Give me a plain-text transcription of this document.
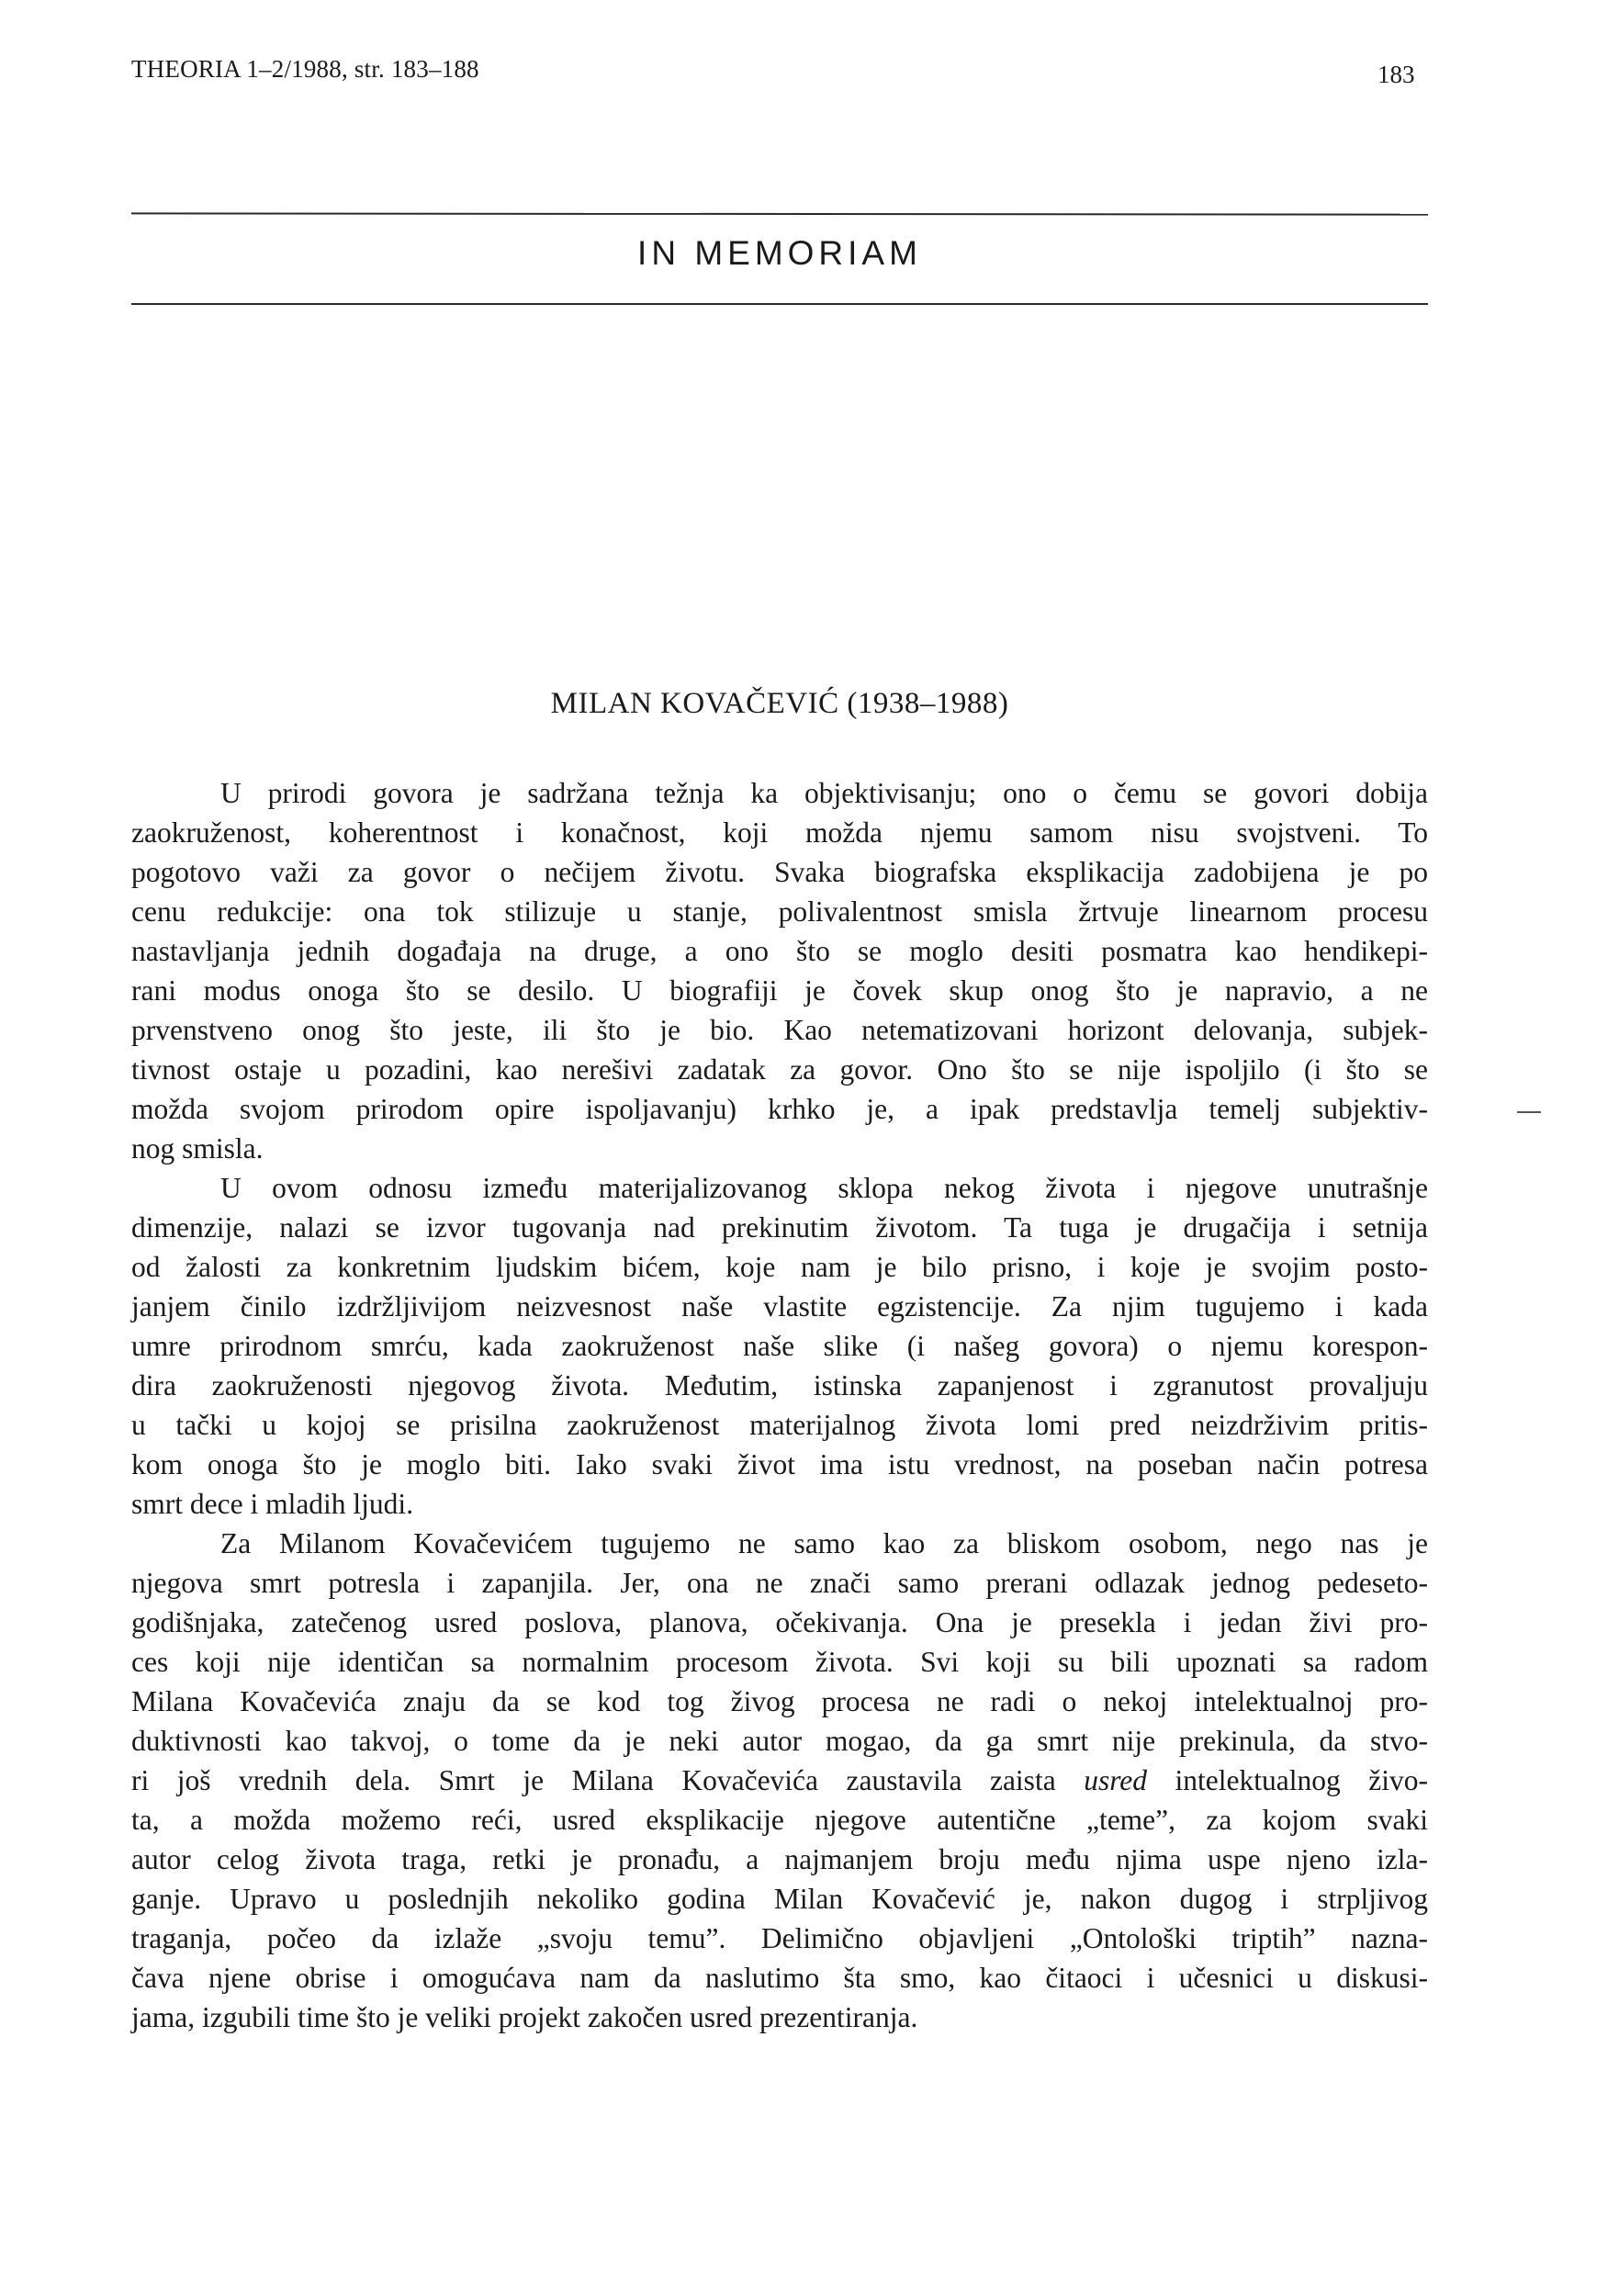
THEORIA 1–2/1988, str. 183–188	183
IN MEMORIAM
MILAN KOVAČEVIĆ (1938–1988)
U prirodi govora je sadržana težnja ka objektivisanju; ono o čemu se govori dobija
zaokruženost, koherentnost i konačnost, koji možda njemu samom nisu svojstveni. To
pogotovo važi za govor o nečijem životu. Svaka biografska eksplikacija zadobijena je po
cenu redukcije: ona tok stilizuje u stanje, polivalentnost smisla žrtvuje linearnom procesu
nastavljanja jednih događaja na druge, a ono što se moglo desiti posmatra kao hendikepi-
rani modus onoga što se desilo. U biografiji je čovek skup onog što je napravio, a ne
prvenstveno onog što jeste, ili što je bio. Kao netematizovani horizont delovanja, subjek-
tivnost ostaje u pozadini, kao nerešivi zadatak za govor. Ono što se nije ispoljilo (i što se
možda svojom prirodom opire ispoljavanju) krhko je, a ipak predstavlja temelj subjektiv-
nog smisla.
U ovom odnosu između materijalizovanog sklopa nekog života i njegove unutrašnje
dimenzije, nalazi se izvor tugovanja nad prekinutim životom. Ta tuga je drugačija i setnija
od žalosti za konkretnim ljudskim bićem, koje nam je bilo prisno, i koje je svojim posto-
janjem činilo izdržljivijom neizvesnost naše vlastite egzistencije. Za njim tugujemo i kada
umre prirodnom smrću, kada zaokruženost naše slike (i našeg govora) o njemu korespon-
dira zaokruženosti njegovog života. Međutim, istinska zapanjenost i zgranutost provaljuju
u tački u kojoj se prisilna zaokruženost materijalnog života lomi pred neizdrživim pritis-
kom onoga što je moglo biti. Iako svaki život ima istu vrednost, na poseban način potresa
smrt dece i mladih ljudi.
Za Milanom Kovačevićem tugujemo ne samo kao za bliskom osobom, nego nas je
njegova smrt potresla i zapanjila. Jer, ona ne znači samo prerani odlazak jednog pedeseto-
godišnjaka, zatečenog usred poslova, planova, očekivanja. Ona je presekla i jedan živi pro-
ces koji nije identičan sa normalnim procesom života. Svi koji su bili upoznati sa radom
Milana Kovačevića znaju da se kod tog živog procesa ne radi o nekoj intelektualnoj pro-
duktivnosti kao takvoj, o tome da je neki autor mogao, da ga smrt nije prekinula, da stvo-
ri još vrednih dela. Smrt je Milana Kovačevića zaustavila zaista usred intelektualnog živo-
ta, a možda možemo reći, usred eksplikacije njegove autentične „teme”, za kojom svaki
autor celog života traga, retki je pronađu, a najmanjem broju među njima uspe njeno izla-
ganje. Upravo u poslednjih nekoliko godina Milan Kovačević je, nakon dugog i strpljivog
traganja, počeo da izlaže „svoju temu”. Delimično objavljeni „Ontološki triptih” nazna-
čava njene obrise i omogućava nam da naslutimo šta smo, kao čitaoci i učesnici u diskusi-
jama, izgubili time što je veliki projekt zakočen usred prezentiranja.
